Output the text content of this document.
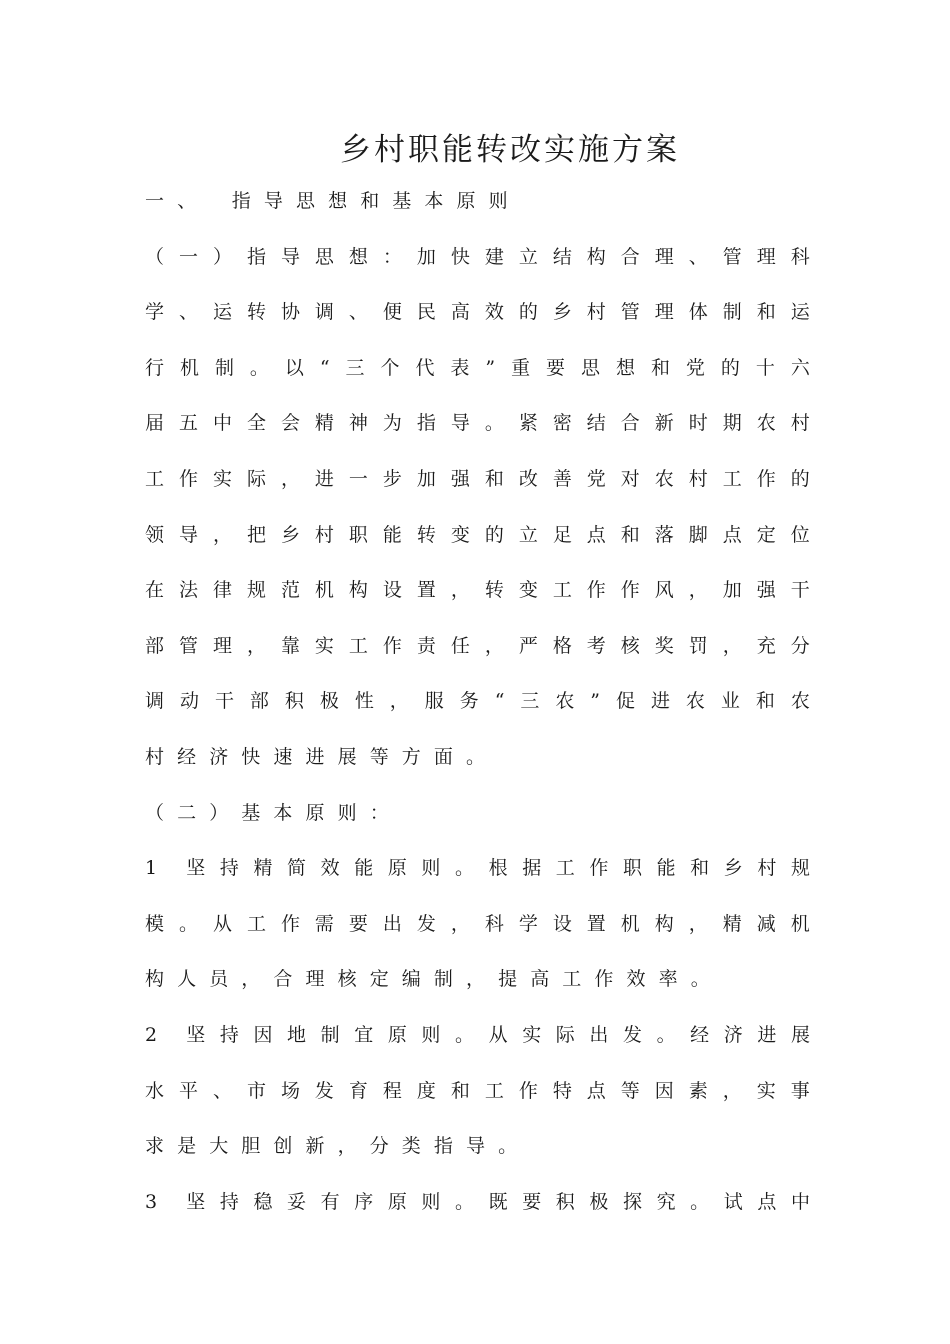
乡村职能转改实施方案
一、　指导思想和基本原则
（ 一 ） 指 导 思 想 ： 加 快 建 立 结 构 合 理 、 管 理 科
学 、 运 转 协 调 、 便 民 高 效 的 乡 村 管 理 体 制 和 运
行 机 制 。 以 “ 三 个 代 表 ” 重 要 思 想 和 党 的 十 六
届 五 中 全 会 精 神 为 指 导 。 紧 密 结 合 新 时 期 农 村
工 作 实 际 ， 进 一 步 加 强 和 改 善 党 对 农 村 工 作 的
领 导 ， 把 乡 村 职 能 转 变 的 立 足 点 和 落 脚 点 定 位
在 法 律 规 范 机 构 设 置 ， 转 变 工 作 作 风 ， 加 强 干
部 管 理 ， 靠 实 工 作 责 任 ， 严 格 考 核 奖 罚 ， 充 分
调 动 干 部 积 极 性 ， 服 务 “ 三 农 ” 促 进 农 业 和 农
村经济快速进展等方面。
（二）基本原则：
1 坚 持 精 简 效 能 原 则 。 根 据 工 作 职 能 和 乡 村 规
模 。 从 工 作 需 要 出 发 ， 科 学 设 置 机 构 ， 精 减 机
构人员，合理核定编制，提高工作效率。
2 坚 持 因 地 制 宜 原 则 。 从 实 际 出 发 。 经 济 进 展
水 平 、 市 场 发 育 程 度 和 工 作 特 点 等 因 素 ， 实 事
求是大胆创新，分类指导。
3 坚 持 稳 妥 有 序 原 则 。 既 要 积 极 探 究 。 试 点 中
